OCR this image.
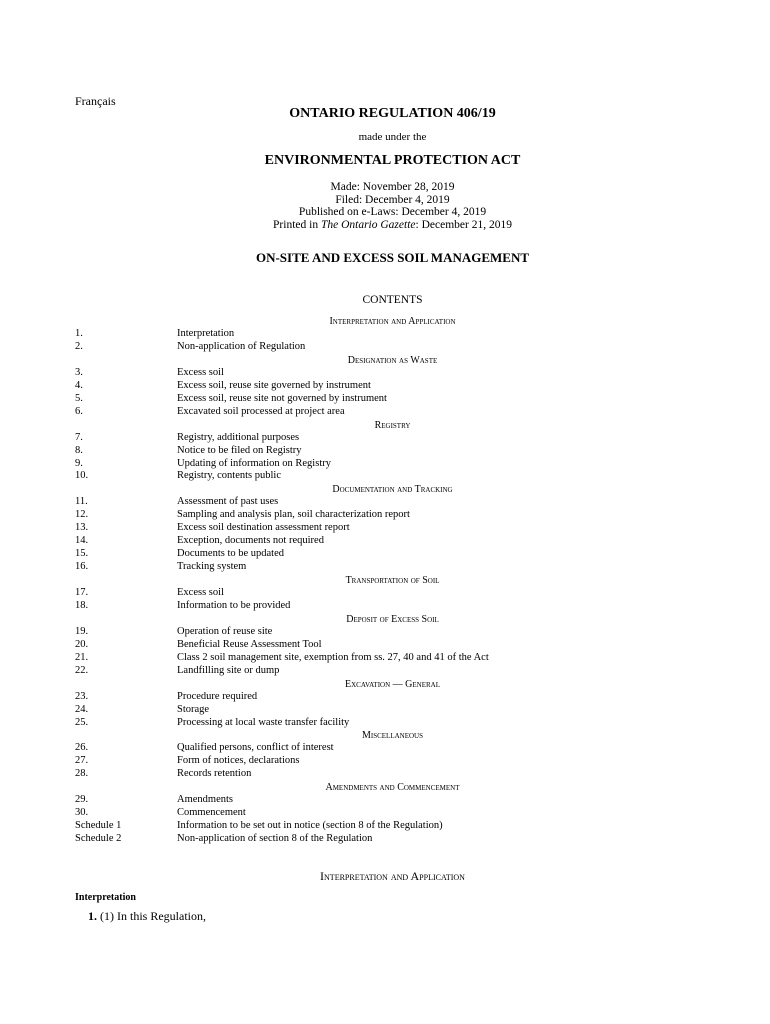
Français
ONTARIO REGULATION 406/19
made under the
ENVIRONMENTAL PROTECTION ACT
Made: November 28, 2019
Filed: December 4, 2019
Published on e-Laws: December 4, 2019
Printed in The Ontario Gazette: December 21, 2019
ON-SITE AND EXCESS SOIL MANAGEMENT
CONTENTS
Interpretation and Application
1.	Interpretation
2.	Non-application of Regulation
Designation as Waste
3.	Excess soil
4.	Excess soil, reuse site governed by instrument
5.	Excess soil, reuse site not governed by instrument
6.	Excavated soil processed at project area
Registry
7.	Registry, additional purposes
8.	Notice to be filed on Registry
9.	Updating of information on Registry
10.	Registry, contents public
Documentation and Tracking
11.	Assessment of past uses
12.	Sampling and analysis plan, soil characterization report
13.	Excess soil destination assessment report
14.	Exception, documents not required
15.	Documents to be updated
16.	Tracking system
Transportation of Soil
17.	Excess soil
18.	Information to be provided
Deposit of Excess Soil
19.	Operation of reuse site
20.	Beneficial Reuse Assessment Tool
21.	Class 2 soil management site, exemption from ss. 27, 40 and 41 of the Act
22.	Landfilling site or dump
Excavation — General
23.	Procedure required
24.	Storage
25.	Processing at local waste transfer facility
Miscellaneous
26.	Qualified persons, conflict of interest
27.	Form of notices, declarations
28.	Records retention
Amendments and Commencement
29.	Amendments
30.	Commencement
Schedule 1	Information to be set out in notice (section 8 of the Regulation)
Schedule 2	Non-application of section 8 of the Regulation
Interpretation and Application
Interpretation
1. (1) In this Regulation,
